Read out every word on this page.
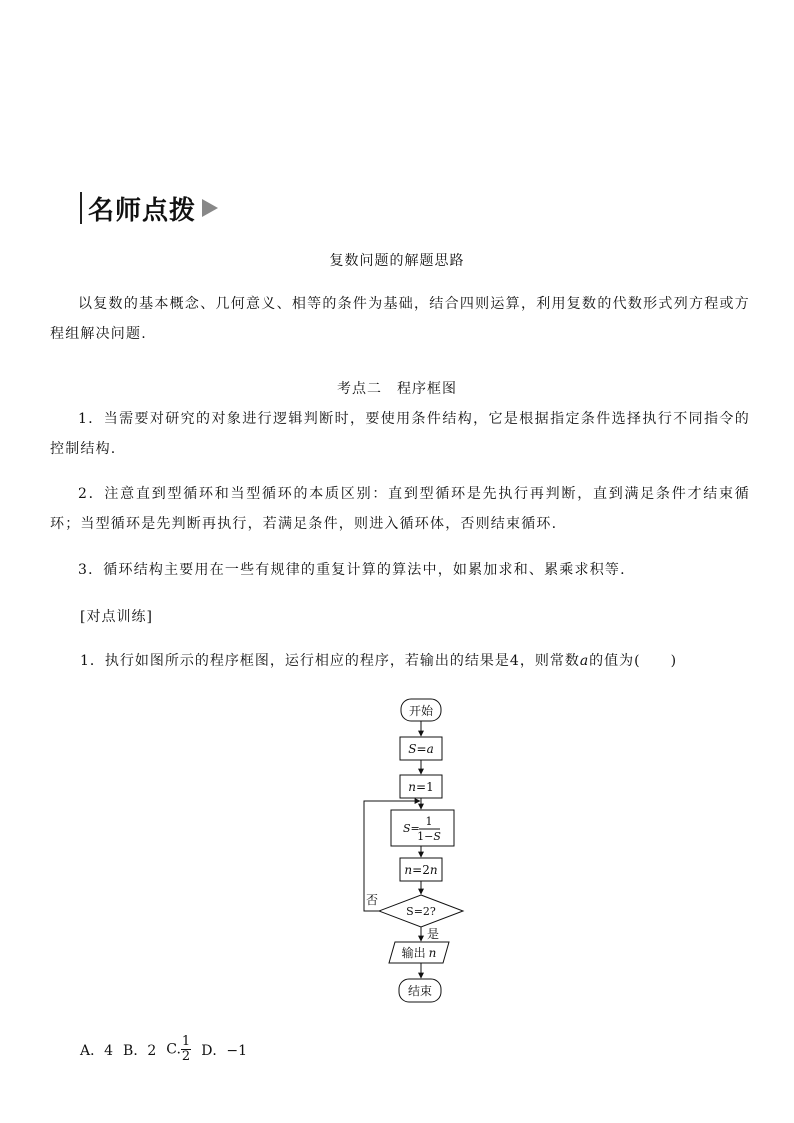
名师点拨
复数问题的解题思路
以复数的基本概念、几何意义、相等的条件为基础，结合四则运算，利用复数的代数形式列方程或方程组解决问题.
考点二　程序框图
1．当需要对研究的对象进行逻辑判断时，要使用条件结构，它是根据指定条件选择执行不同指令的控制结构.
2．注意直到型循环和当型循环的本质区别：直到型循环是先执行再判断，直到满足条件才结束循环；当型循环是先判断再执行，若满足条件，则进入循环体，否则结束循环.
3．循环结构主要用在一些有规律的重复计算的算法中，如累加求和、累乘求积等.
[对点训练]
1．执行如图所示的程序框图，运行相应的程序，若输出的结果是4，则常数a的值为(　　)
开始
S=a
n=1
S=
1
1−S
n=2n
S=2?
否
是
输出 n
结束
A．4 B．2 C. $\frac{1}{2}$ D．−1
